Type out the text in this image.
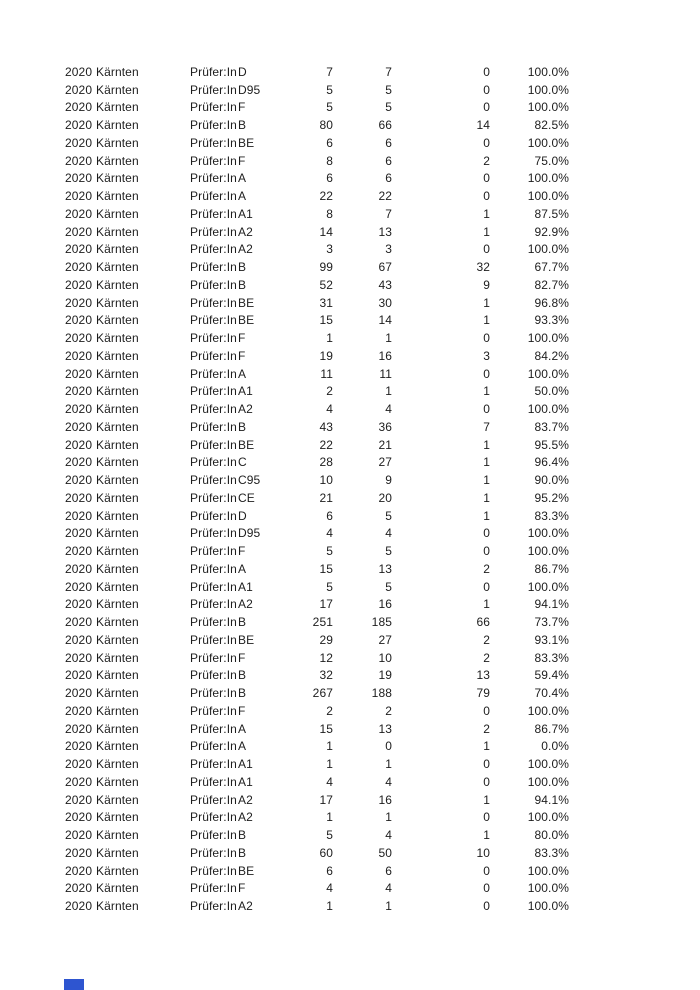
2020 Kärnten	Prüfer:In D	7	7	0	100.0%
2020 Kärnten	Prüfer:In D95	5	5	0	100.0%
2020 Kärnten	Prüfer:In F	5	5	0	100.0%
2020 Kärnten	Prüfer:In B	80	66	14	82.5%
2020 Kärnten	Prüfer:In BE	6	6	0	100.0%
2020 Kärnten	Prüfer:In F	8	6	2	75.0%
2020 Kärnten	Prüfer:In A	6	6	0	100.0%
2020 Kärnten	Prüfer:In A	22	22	0	100.0%
2020 Kärnten	Prüfer:In A1	8	7	1	87.5%
2020 Kärnten	Prüfer:In A2	14	13	1	92.9%
2020 Kärnten	Prüfer:In A2	3	3	0	100.0%
2020 Kärnten	Prüfer:In B	99	67	32	67.7%
2020 Kärnten	Prüfer:In B	52	43	9	82.7%
2020 Kärnten	Prüfer:In BE	31	30	1	96.8%
2020 Kärnten	Prüfer:In BE	15	14	1	93.3%
2020 Kärnten	Prüfer:In F	1	1	0	100.0%
2020 Kärnten	Prüfer:In F	19	16	3	84.2%
2020 Kärnten	Prüfer:In A	11	11	0	100.0%
2020 Kärnten	Prüfer:In A1	2	1	1	50.0%
2020 Kärnten	Prüfer:In A2	4	4	0	100.0%
2020 Kärnten	Prüfer:In B	43	36	7	83.7%
2020 Kärnten	Prüfer:In BE	22	21	1	95.5%
2020 Kärnten	Prüfer:In C	28	27	1	96.4%
2020 Kärnten	Prüfer:In C95	10	9	1	90.0%
2020 Kärnten	Prüfer:In CE	21	20	1	95.2%
2020 Kärnten	Prüfer:In D	6	5	1	83.3%
2020 Kärnten	Prüfer:In D95	4	4	0	100.0%
2020 Kärnten	Prüfer:In F	5	5	0	100.0%
2020 Kärnten	Prüfer:In A	15	13	2	86.7%
2020 Kärnten	Prüfer:In A1	5	5	0	100.0%
2020 Kärnten	Prüfer:In A2	17	16	1	94.1%
2020 Kärnten	Prüfer:In B	251	185	66	73.7%
2020 Kärnten	Prüfer:In BE	29	27	2	93.1%
2020 Kärnten	Prüfer:In F	12	10	2	83.3%
2020 Kärnten	Prüfer:In B	32	19	13	59.4%
2020 Kärnten	Prüfer:In B	267	188	79	70.4%
2020 Kärnten	Prüfer:In F	2	2	0	100.0%
2020 Kärnten	Prüfer:In A	15	13	2	86.7%
2020 Kärnten	Prüfer:In A	1	0	1	0.0%
2020 Kärnten	Prüfer:In A1	1	1	0	100.0%
2020 Kärnten	Prüfer:In A1	4	4	0	100.0%
2020 Kärnten	Prüfer:In A2	17	16	1	94.1%
2020 Kärnten	Prüfer:In A2	1	1	0	100.0%
2020 Kärnten	Prüfer:In B	5	4	1	80.0%
2020 Kärnten	Prüfer:In B	60	50	10	83.3%
2020 Kärnten	Prüfer:In BE	6	6	0	100.0%
2020 Kärnten	Prüfer:In F	4	4	0	100.0%
2020 Kärnten	Prüfer:In A2	1	1	0	100.0%
